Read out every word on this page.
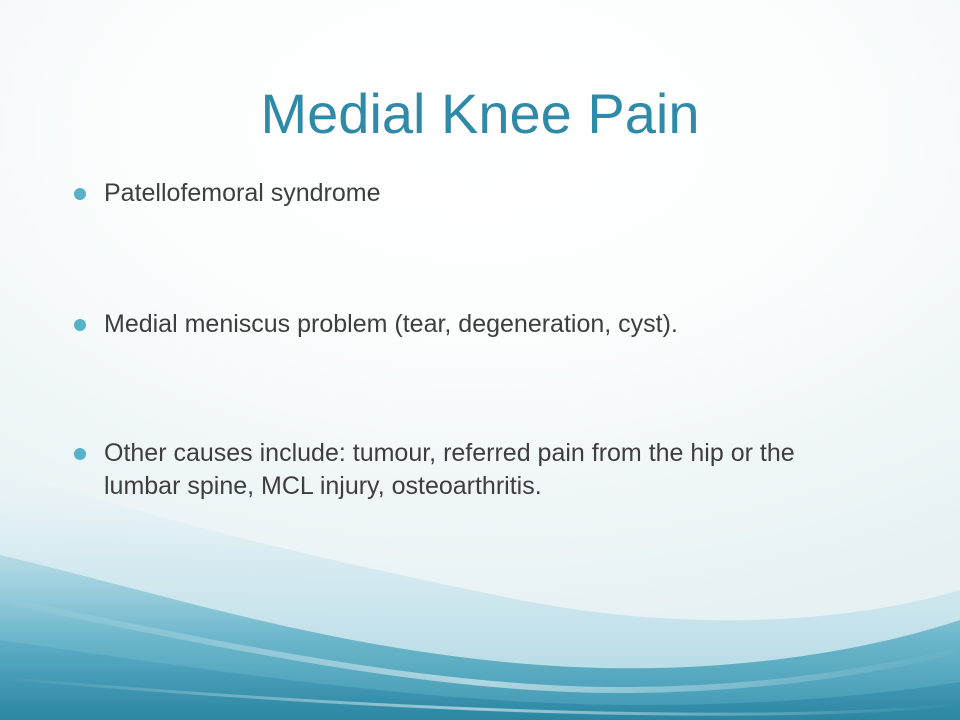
Medial Knee Pain
Patellofemoral syndrome
Medial meniscus problem (tear, degeneration, cyst).
Other causes include: tumour, referred pain from the hip or the lumbar spine, MCL injury, osteoarthritis.
